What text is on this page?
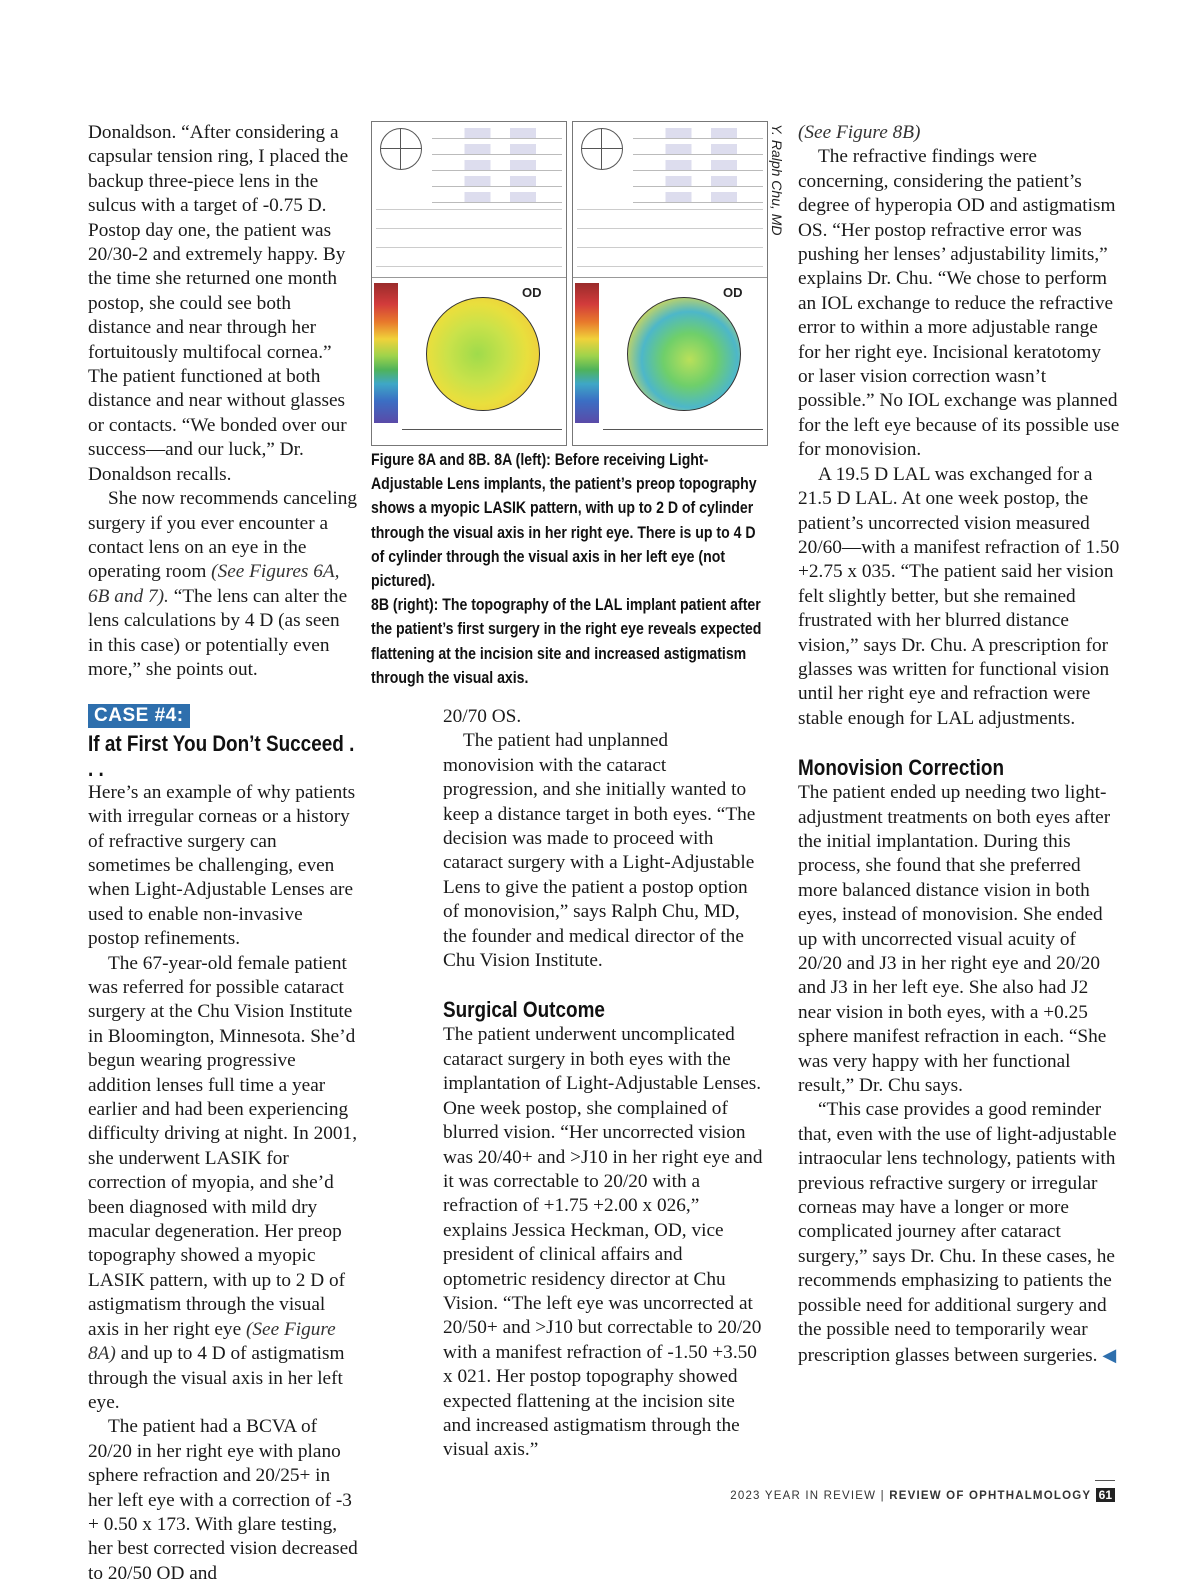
Donaldson. “After considering a capsular tension ring, I placed the backup three-piece lens in the sulcus with a target of -0.75 D. Postop day one, the patient was 20/30-2 and extremely happy. By the time she returned one month postop, she could see both distance and near through her fortuitously multifocal cornea.” The patient functioned at both distance and near without glasses or contacts. “We bonded over our success—and our luck,” Dr. Donaldson recalls.

She now recommends canceling surgery if you ever encounter a contact lens on an eye in the operating room (See Figures 6A, 6B and 7). “The lens can alter the lens calculations by 4 D (as seen in this case) or potentially even more,” she points out.

CASE #4:
If at First You Don’t Succeed . . .

Here’s an example of why patients with irregular corneas or a history of refractive surgery can sometimes be challenging, even when Light-Adjustable Lenses are used to enable non-invasive postop refinements.

The 67-year-old female patient was referred for possible cataract surgery at the Chu Vision Institute in Bloomington, Minnesota. She’d begun wearing progressive addition lenses full time a year earlier and had been experiencing difficulty driving at night. In 2001, she underwent LASIK for correction of myopia, and she’d been diagnosed with mild dry macular degeneration. Her preop topography showed a myopic LASIK pattern, with up to 2 D of astigmatism through the visual axis in her right eye (See Figure 8A) and up to 4 D of astigmatism through the visual axis in her left eye.

The patient had a BCVA of 20/20 in her right eye with plano sphere refraction and 20/25+ in her left eye with a correction of -3 + 0.50 x 173. With glare testing, her best corrected vision decreased to 20/50 OD and

OD	OD
Y. Ralph Chu, MD

Figure 8A and 8B. 8A (left): Before receiving Light-Adjustable Lens implants, the patient’s preop topography shows a myopic LASIK pattern, with up to 2 D of cylinder through the visual axis in her right eye. There is up to 4 D of cylinder through the visual axis in her left eye (not pictured).

8B (right): The topography of the LAL implant patient after the patient’s first surgery in the right eye reveals expected flattening at the incision site and increased astigmatism through the visual axis.

20/70 OS.

The patient had unplanned monovision with the cataract progression, and she initially wanted to keep a distance target in both eyes. “The decision was made to proceed with cataract surgery with a Light-Adjustable Lens to give the patient a postop option of monovision,” says Ralph Chu, MD, the founder and medical director of the Chu Vision Institute.

Surgical Outcome

The patient underwent uncomplicated cataract surgery in both eyes with the implantation of Light-Adjustable Lenses. One week postop, she complained of blurred vision. “Her uncorrected vision was 20/40+ and >J10 in her right eye and it was correctable to 20/20 with a refraction of +1.75 +2.00 x 026,” explains Jessica Heckman, OD, vice president of clinical affairs and optometric residency director at Chu Vision. “The left eye was uncorrected at 20/50+ and >J10 but correctable to 20/20 with a manifest refraction of -1.50 +3.50 x 021. Her postop topography showed expected flattening at the incision site and increased astigmatism through the visual axis.”

(See Figure 8B)

The refractive findings were concerning, considering the patient’s degree of hyperopia OD and astigmatism OS. “Her postop refractive error was pushing her lenses’ adjustability limits,” explains Dr. Chu. “We chose to perform an IOL exchange to reduce the refractive error to within a more adjustable range for her right eye. Incisional keratotomy or laser vision correction wasn’t possible.” No IOL exchange was planned for the left eye because of its possible use for monovision.

A 19.5 D LAL was exchanged for a 21.5 D LAL. At one week postop, the patient’s uncorrected vision measured 20/60—with a manifest refraction of 1.50 +2.75 x 035. “The patient said her vision felt slightly better, but she remained frustrated with her blurred distance vision,” says Dr. Chu. A prescription for glasses was written for functional vision until her right eye and refraction were stable enough for LAL adjustments.

Monovision Correction

The patient ended up needing two light-adjustment treatments on both eyes after the initial implantation. During this process, she found that she preferred more balanced distance vision in both eyes, instead of monovision. She ended up with uncorrected visual acuity of 20/20 and J3 in her right eye and 20/20 and J3 in her left eye. She also had J2 near vision in both eyes, with a +0.25 sphere manifest refraction in each. “She was very happy with her functional result,” Dr. Chu says.

“This case provides a good reminder that, even with the use of light-adjustable intraocular lens technology, patients with previous refractive surgery or irregular corneas may have a longer or more complicated journey after cataract surgery,” says Dr. Chu. In these cases, he recommends emphasizing to patients the possible need for additional surgery and the possible need to temporarily wear prescription glasses between surgeries. ◀

2023 YEAR IN REVIEW | REVIEW OF OPHTHALMOLOGY 61
